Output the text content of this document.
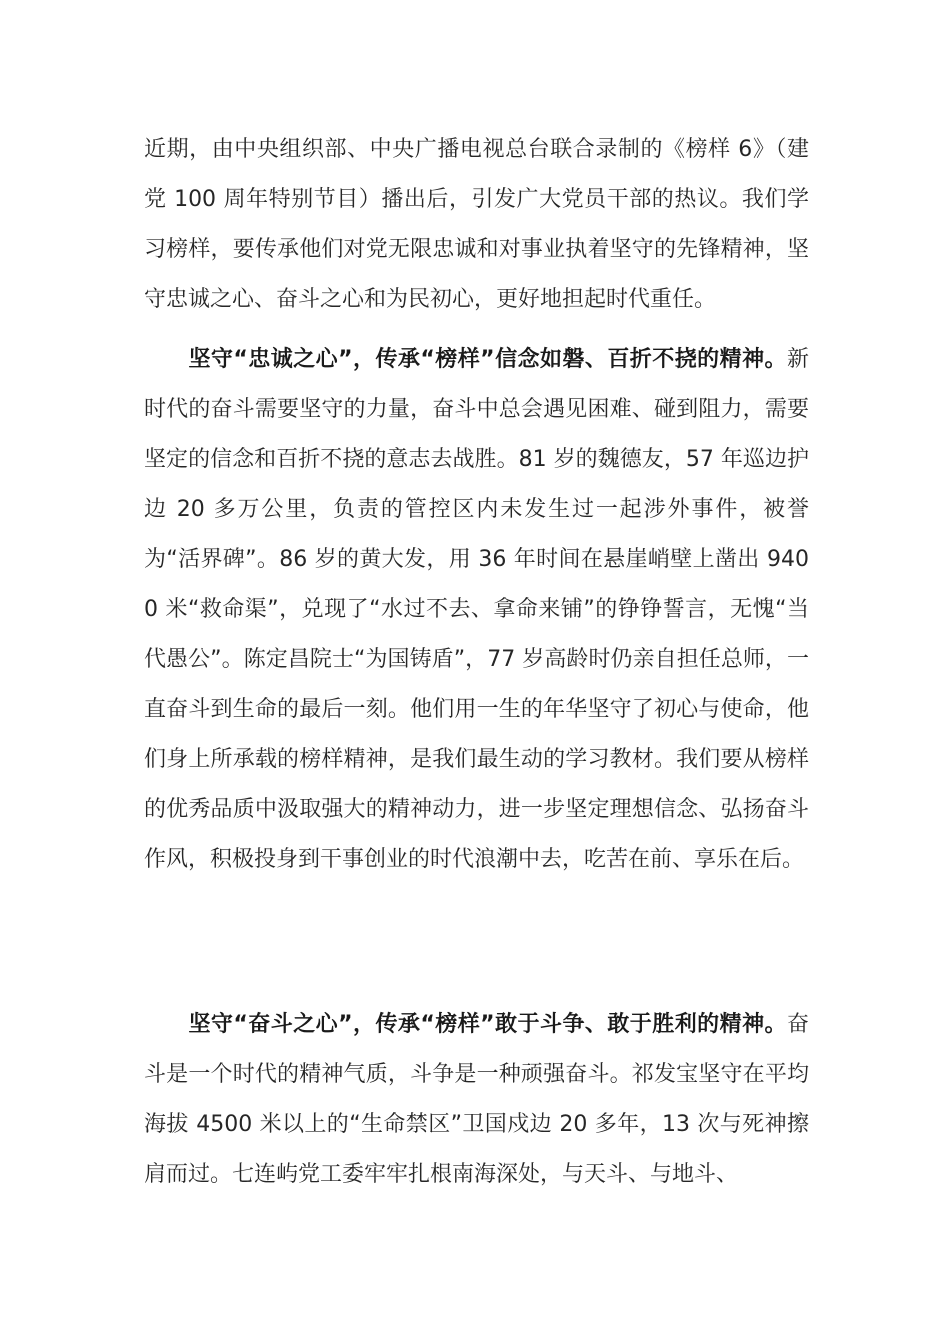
近期，由中央组织部、中央广播电视总台联合录制的《榜样 6》（建党 100 周年特别节目）播出后，引发广大党员干部的热议。我们学习榜样，要传承他们对党无限忠诚和对事业执着坚守的先锋精神，坚守忠诚之心、奋斗之心和为民初心，更好地担起时代重任。
坚守“忠诚之心”，传承“榜样”信念如磐、百折不挠的精神。新时代的奋斗需要坚守的力量，奋斗中总会遇见困难、碰到阻力，需要坚定的信念和百折不挠的意志去战胜。81 岁的魏德友，57 年巡边护边 20 多万公里，负责的管控区内未发生过一起涉外事件，被誉为“活界碑”。86 岁的黄大发，用 36 年时间在悬崖峭壁上凿出 9400 米“救命渠”，兑现了“水过不去、拿命来铺”的铮铮誓言，无愧“当代愚公”。陈定昌院士“为国铸盾”，77 岁高龄时仍亲自担任总师，一直奋斗到生命的最后一刻。他们用一生的年华坚守了初心与使命，他们身上所承载的榜样精神，是我们最生动的学习教材。我们要从榜样的优秀品质中汲取强大的精神动力，进一步坚定理想信念、弘扬奋斗作风，积极投身到干事创业的时代浪潮中去，吃苦在前、享乐在后。
坚守“奋斗之心”，传承“榜样”敢于斗争、敢于胜利的精神。奋斗是一个时代的精神气质，斗争是一种顽强奋斗。祁发宝坚守在平均海拔 4500 米以上的“生命禁区”卫国戍边 20 多年，13 次与死神擦肩而过。七连屿党工委牢牢扎根南海深处，与天斗、与地斗、
